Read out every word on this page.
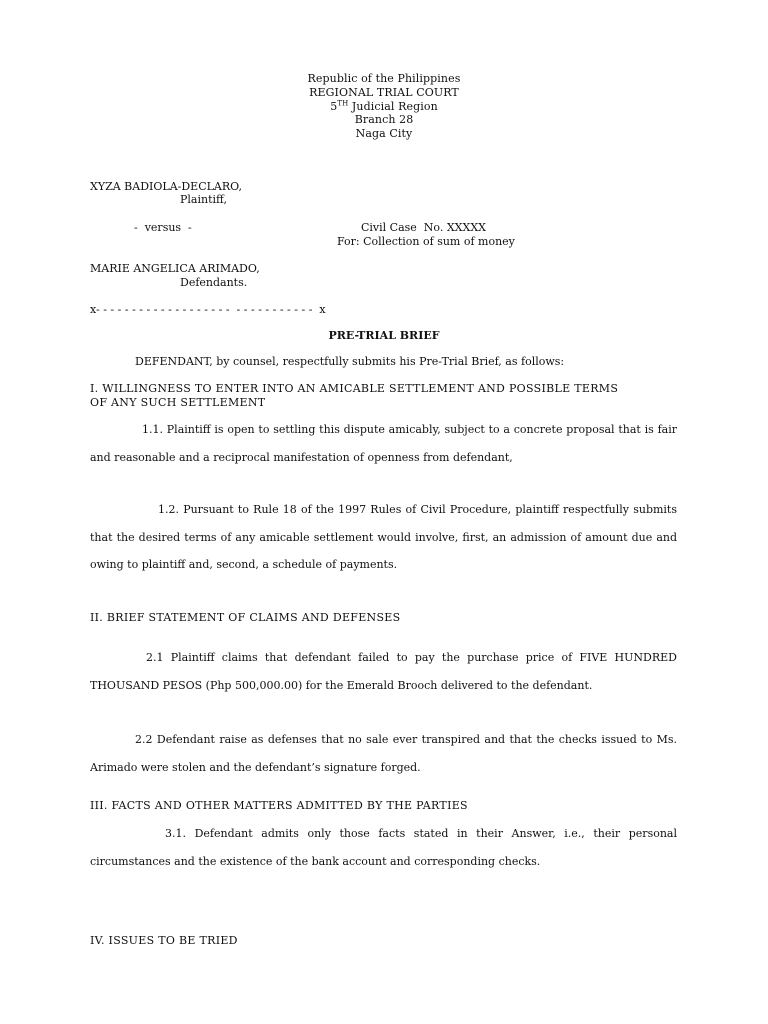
Republic of the Philippines
REGIONAL TRIAL COURT
5TH Judicial Region
Branch 28
Naga City
XYZA BADIOLA-DECLARO,
Plaintiff,
-  versus  -	Civil Case  No. XXXXX
For: Collection of sum of money
MARIE ANGELICA ARIMADO,
Defendants.
x- - - - - - - - - - - - - - - - - - -  - - - - - - - - - - -  x
PRE-TRIAL BRIEF
DEFENDANT, by counsel, respectfully submits his Pre-Trial Brief, as follows:
I. WILLINGNESS TO ENTER INTO AN AMICABLE SETTLEMENT AND POSSIBLE TERMS
OF ANY SUCH SETTLEMENT
1.1. Plaintiff is open to settling this dispute amicably, subject to a concrete proposal that is fair and reasonable and a reciprocal manifestation of openness from defendant,
1.2. Pursuant to Rule 18 of the 1997 Rules of Civil Procedure, plaintiff respectfully submits that the desired terms of any amicable settlement would involve, first, an admission of amount due and owing to plaintiff and, second, a schedule of payments.
II. BRIEF STATEMENT OF CLAIMS AND DEFENSES
2.1 Plaintiff claims that defendant failed to pay the purchase price of FIVE HUNDRED THOUSAND PESOS (Php 500,000.00) for the Emerald Brooch delivered to the defendant.
2.2 Defendant raise as defenses that no sale ever transpired and that the checks issued to Ms. Arimado were stolen and the defendant’s signature forged.
III. FACTS AND OTHER MATTERS ADMITTED BY THE PARTIES
3.1. Defendant admits only those facts stated in their Answer, i.e., their personal circumstances and the existence of the bank account and corresponding checks.
IV. ISSUES TO BE TRIED
